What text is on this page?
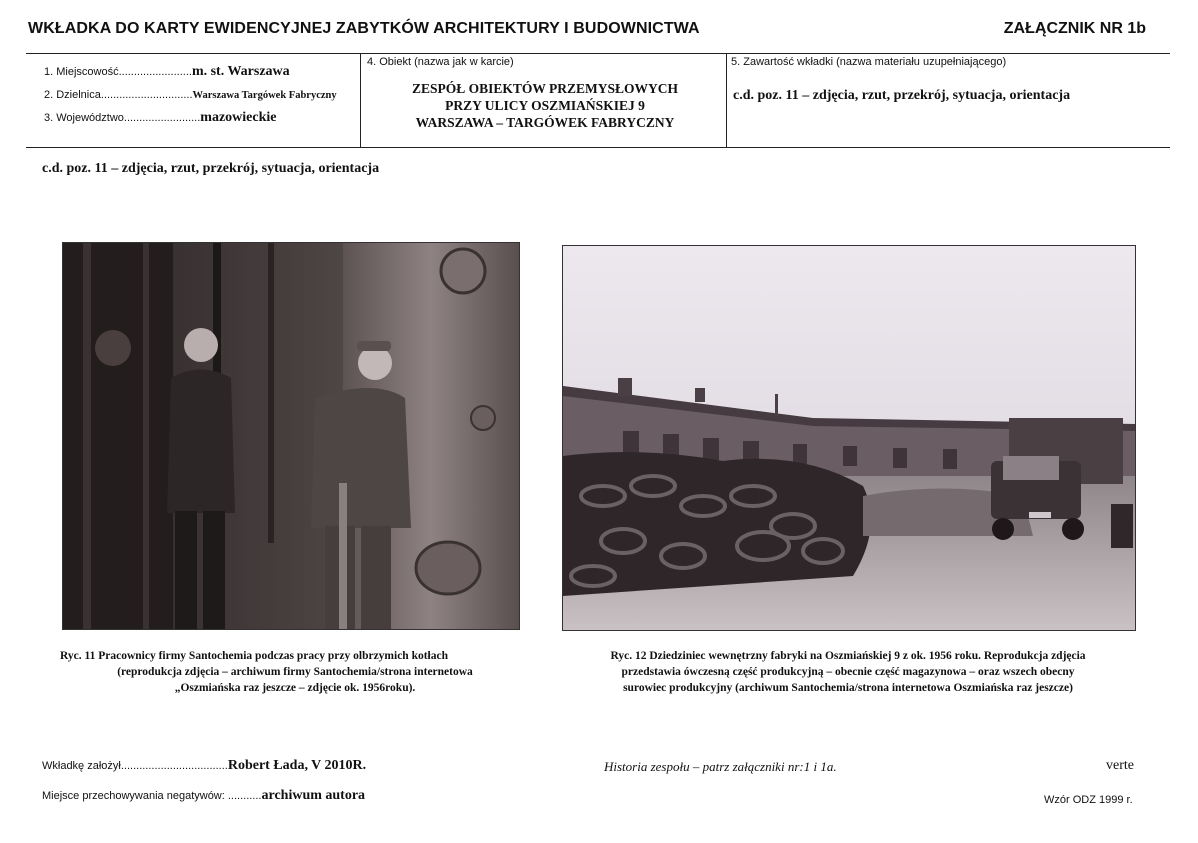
WKŁADKA DO KARTY EWIDENCYJNEJ ZABYTKÓW ARCHITEKTURY I BUDOWNICTWA	ZAŁĄCZNIK NR 1b
1. Miejscowość........................m. st. Warszawa
2. Dzielnica..............................Warszawa Targówek Fabryczny
3. Województwo.........................mazowieckie
4. Obiekt (nazwa jak w karcie)
ZESPÓŁ OBIEKTÓW PRZEMYSŁOWYCH
PRZY ULICY OSZMIAŃSKIEJ 9
WARSZAWA – TARGÓWEK FABRYCZNY
5. Zawartość wkładki (nazwa materiału uzupełniającego)
c.d. poz. 11 – zdjęcia, rzut, przekrój, sytuacja, orientacja
c.d. poz. 11 – zdjęcia, rzut, przekrój, sytuacja, orientacja
Ryc. 11 Pracownicy firmy Santochemia podczas pracy przy olbrzymich kotłach
(reprodukcja zdjęcia – archiwum firmy Santochemia/strona internetowa
„Oszmiańska raz jeszcze – zdjęcie ok. 1956roku).
Ryc. 12 Dziedziniec wewnętrzny fabryki na Oszmiańskiej 9 z ok. 1956 roku. Reprodukcja zdjęcia
przedstawia ówczesną część produkcyjną – obecnie część magazynowa – oraz wszech obecny
surowiec produkcyjny (archiwum Santochemia/strona internetowa Oszmiańska raz jeszcze)
Wkładkę założył...................................Robert Łada, V 2010R.	Historia zespołu – patrz załączniki nr:1 i 1a.	verte
Miejsce przechowywania negatywów: ...........archiwum autora	Wzór ODZ 1999 r.
